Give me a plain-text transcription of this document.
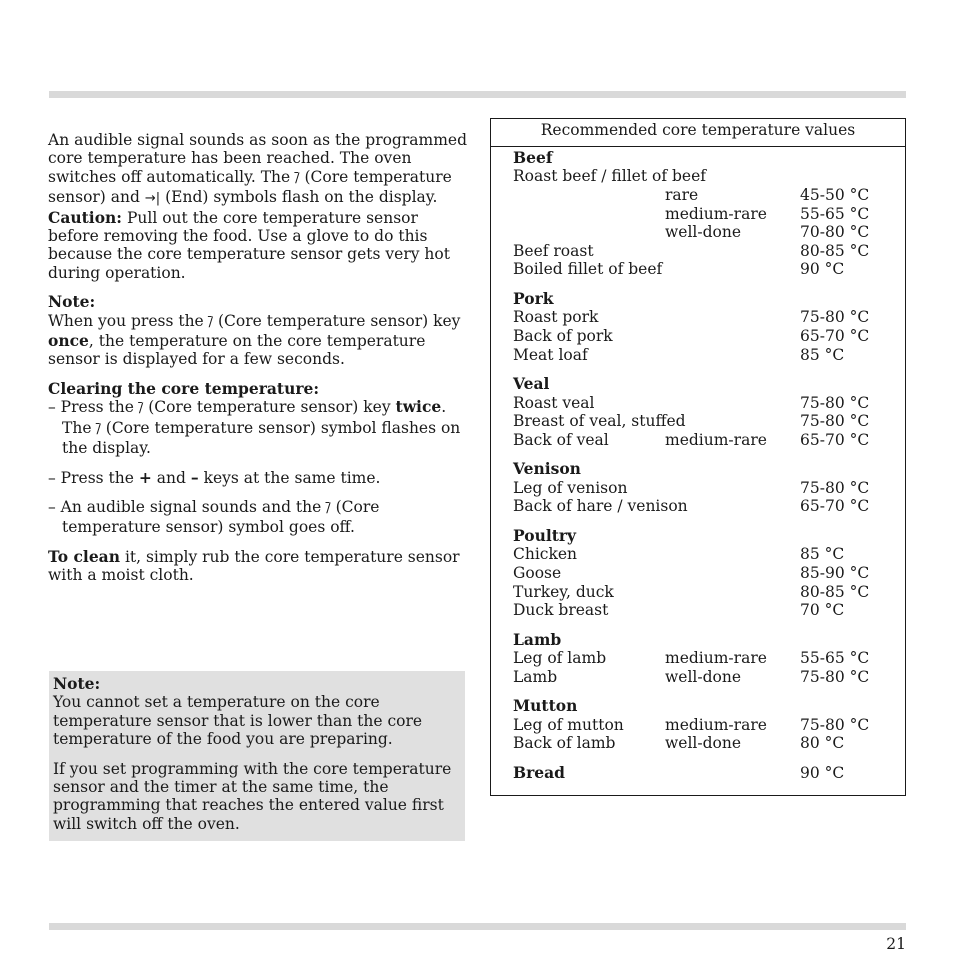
An audible signal sounds as soon as the programmed core temperature has been reached. The oven switches off automatically. The ∕̄ (Core temperature sensor) and →| (End) symbols flash on the display.

Caution: Pull out the core temperature sensor before removing the food. Use a glove to do this because the core temperature sensor gets very hot during operation.

Note:

When you press the ∕̄ (Core temperature sensor) key once, the temperature on the core temperature sensor is displayed for a few seconds.

Clearing the core temperature:

– Press the ∕̄ (Core temperature sensor) key twice. The ∕̄ (Core temperature sensor) symbol flashes on the display.

– Press the + and – keys at the same time.

– An audible signal sounds and the ∕̄ (Core temperature sensor) symbol goes off.

To clean it, simply rub the core temperature sensor with a moist cloth.

Note:

You cannot set a temperature on the core temperature sensor that is lower than the core temperature of the food you are preparing.

If you set programming with the core temperature sensor and the timer at the same time, the programming that reaches the entered value first will switch off the oven.

Recommended core temperature values
Beef
Roast beef / fillet of beef
rare	45-50 °C
medium-rare	55-65 °C
well-done	70-80 °C
Beef roast	80-85 °C
Boiled fillet of beef	90 °C
Pork
Roast pork	75-80 °C
Back of pork	65-70 °C
Meat loaf	85 °C
Veal
Roast veal	75-80 °C
Breast of veal, stuffed	75-80 °C
Back of veal	medium-rare	65-70 °C
Venison
Leg of venison	75-80 °C
Back of hare / venison	65-70 °C
Poultry
Chicken	85 °C
Goose	85-90 °C
Turkey, duck	80-85 °C
Duck breast	70 °C
Lamb
Leg of lamb	medium-rare	55-65 °C
Lamb	well-done	75-80 °C
Mutton
Leg of mutton	medium-rare	75-80 °C
Back of lamb	well-done	80 °C
Bread	90 °C
21
